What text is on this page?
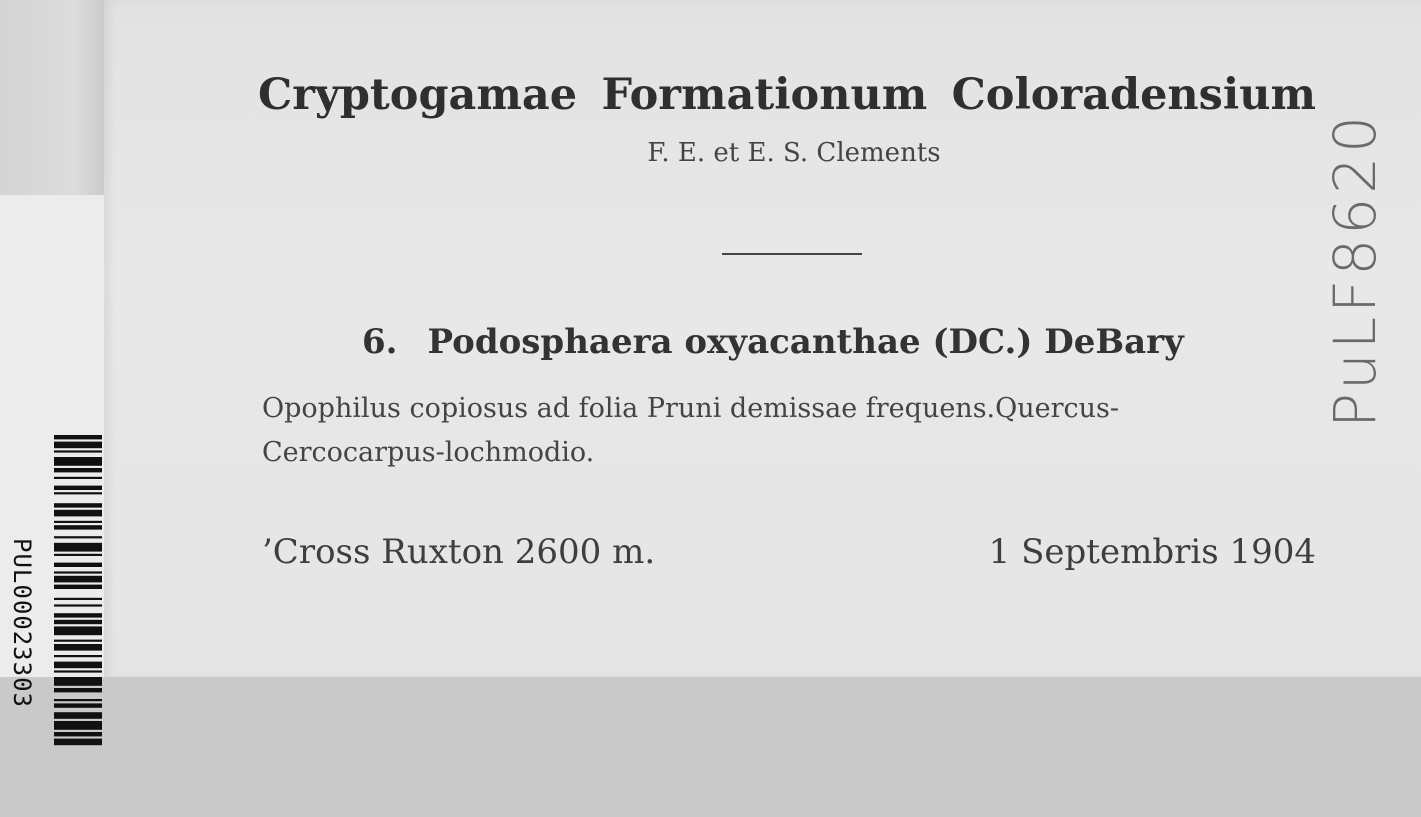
PUL00023303
Cryptogamae Formationum Coloradensium
F. E. et E. S. Clements
6. Podosphaera oxyacanthae (DC.) DeBary
Opophilus copiosus ad folia Pruni demissae frequens.Quercus-
Cercocarpus-lochmodio.
’Cross Ruxton 2600 m.	1 Septembris 1904
PuLF8620
